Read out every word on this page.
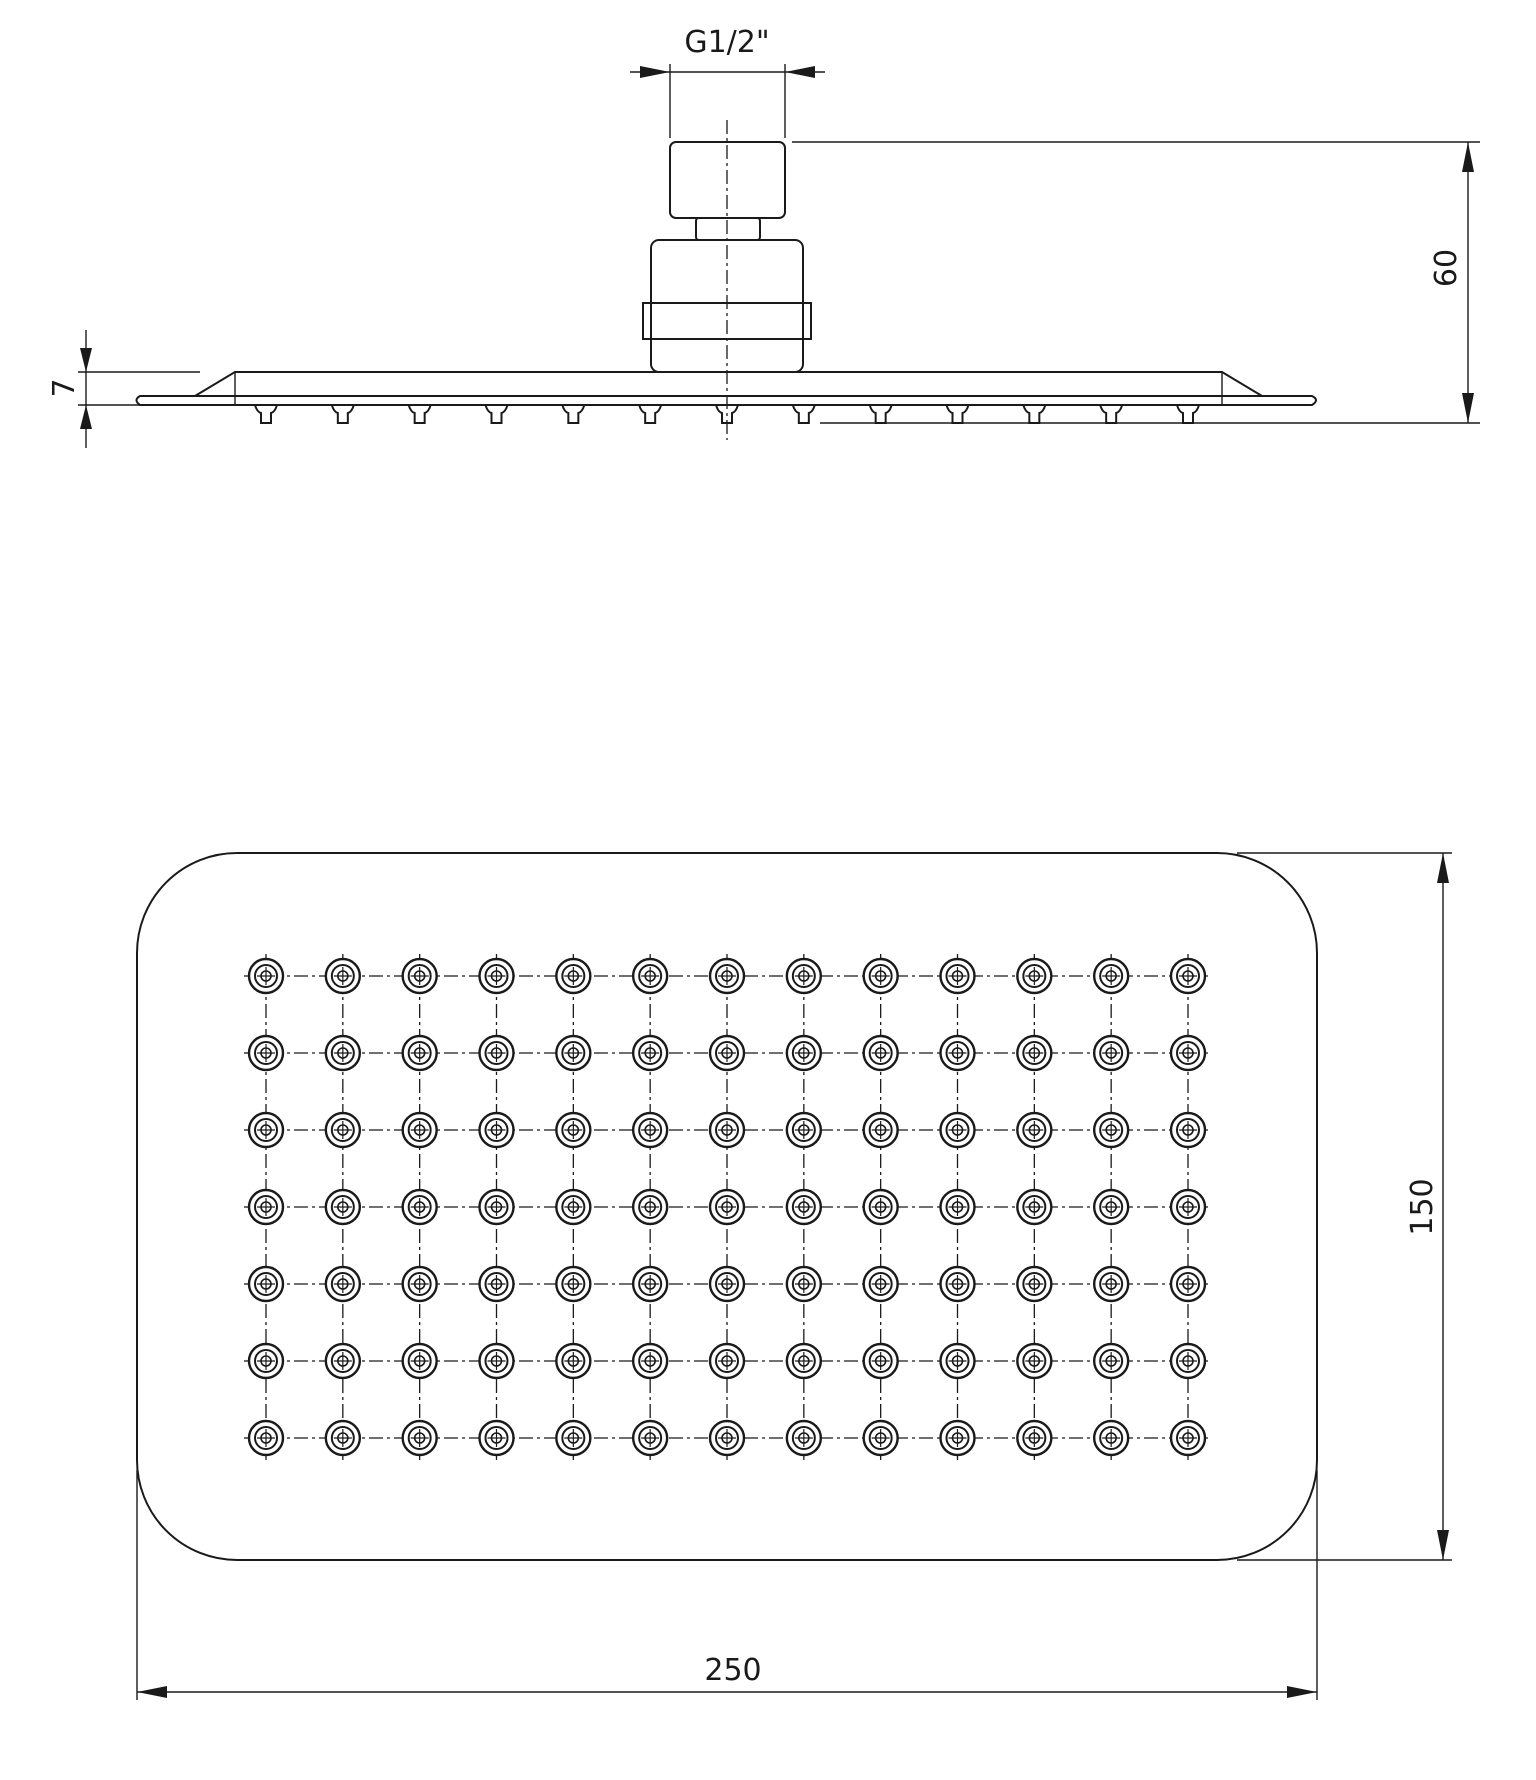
G1/2"
60
7
150
250
